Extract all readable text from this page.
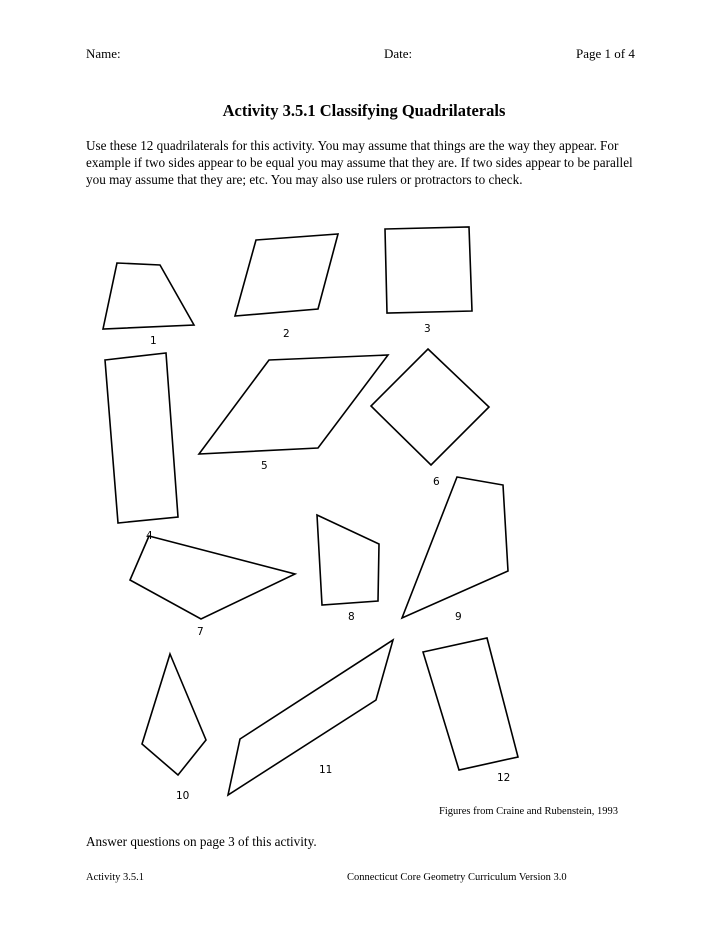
Name:	Date:	Page 1 of 4
Activity 3.5.1 Classifying Quadrilaterals

Use these 12 quadrilaterals for this activity. You may assume that things are the way they appear. For example if two sides appear to be equal you may assume that they are. If two sides appear to be parallel you may assume that they are; etc. You may also use rulers or protractors to check.

1
2	3
4
5
6
7
8	9
10
11
12
Figures from Craine and Rubenstein, 1993
Answer questions on page 3 of this activity.
Activity 3.5.1	Connecticut Core Geometry Curriculum Version 3.0
